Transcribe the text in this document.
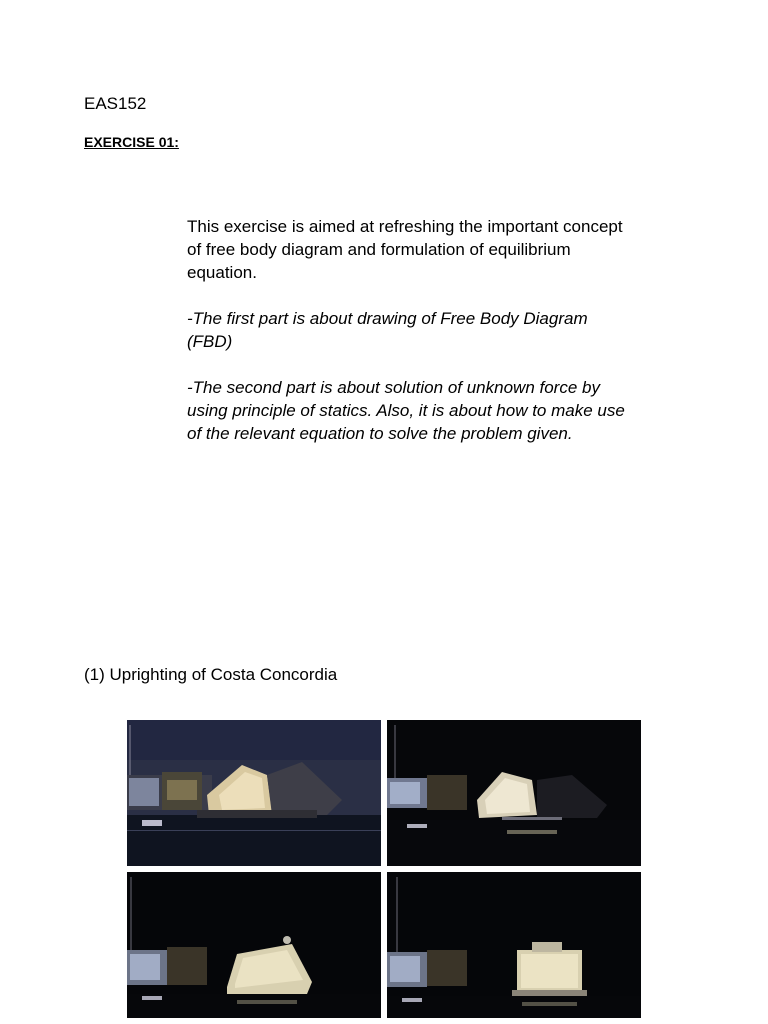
EAS152
EXERCISE 01:

This exercise is aimed at refreshing the important concept of free body diagram and formulation of equilibrium equation.

-The first part is about drawing of Free Body Diagram (FBD)

-The second part is about solution of unknown force by using principle of statics. Also, it is about how to make use of the relevant equation to solve the problem given.

(1) Uprighting of Costa Concordia
